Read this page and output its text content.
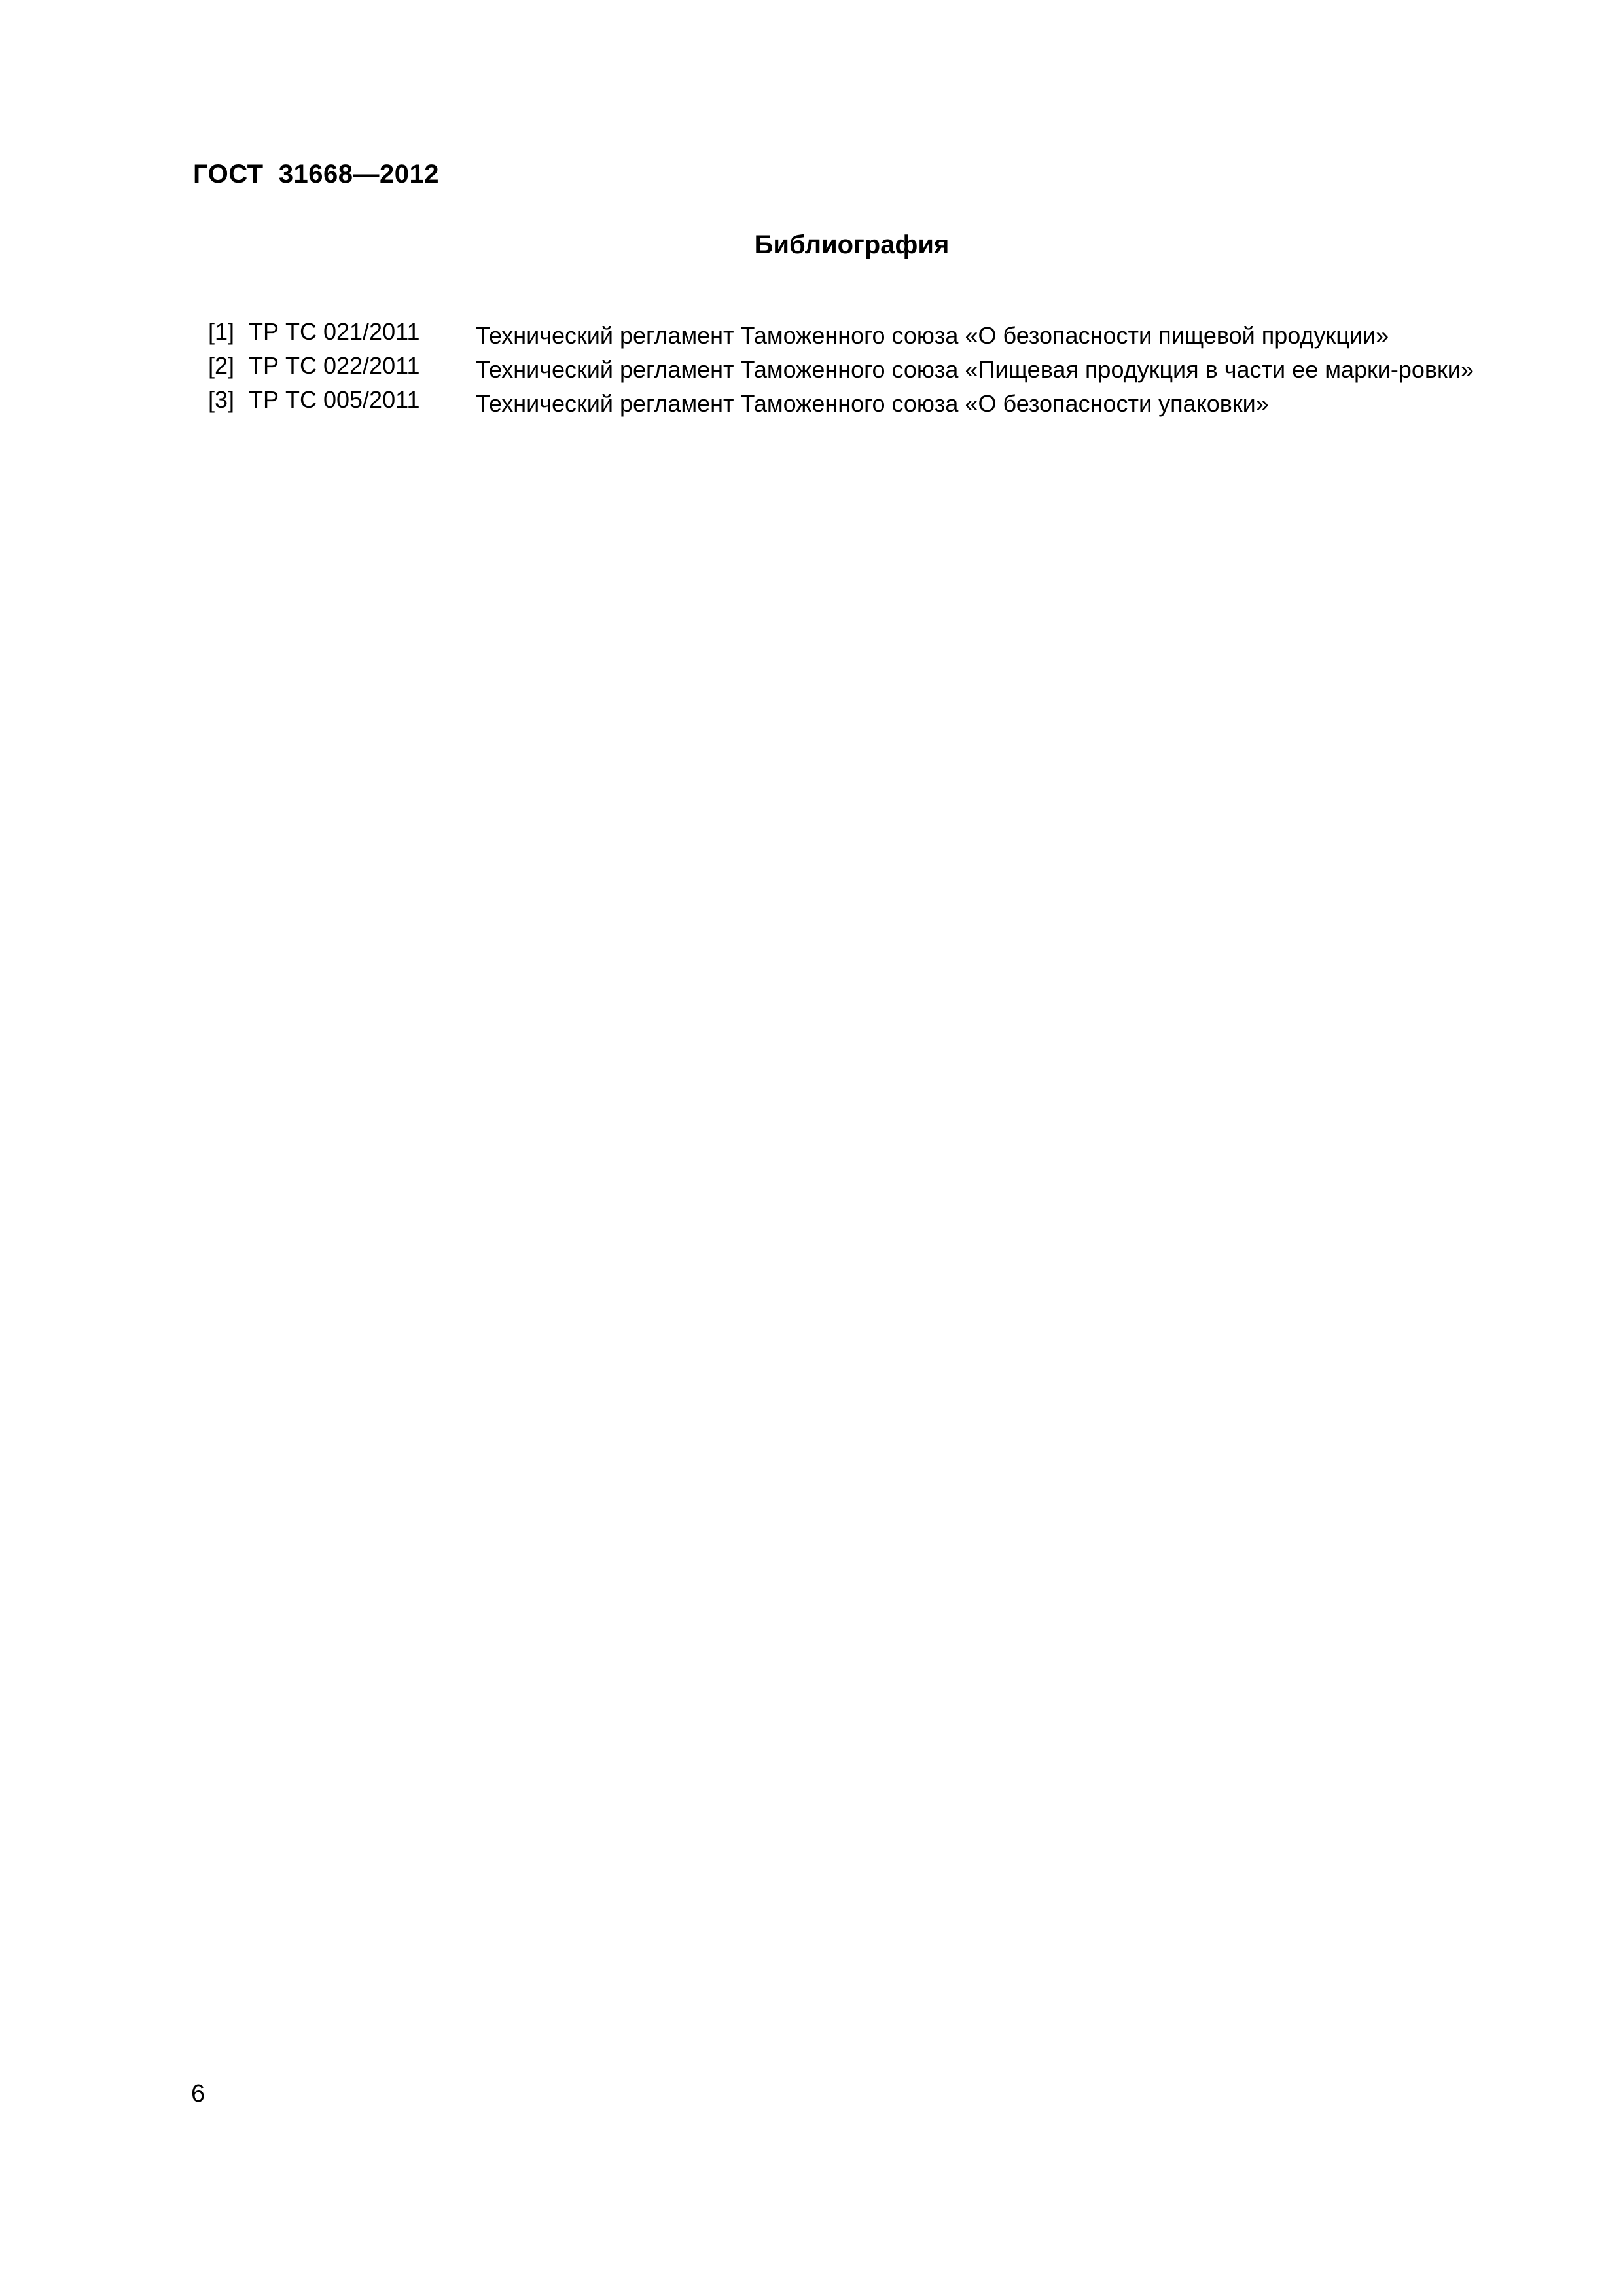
ГОСТ  31668—2012
Библиография
[1] ТР ТС 021/2011	Технический регламент Таможенного союза «О безопасности пищевой продукции»
[2] ТР ТС 022/2011	Технический регламент Таможенного союза «Пищевая продукция в части ее марки-ровки»
[3] ТР ТС 005/2011	Технический регламент Таможенного союза «О безопасности упаковки»
6
